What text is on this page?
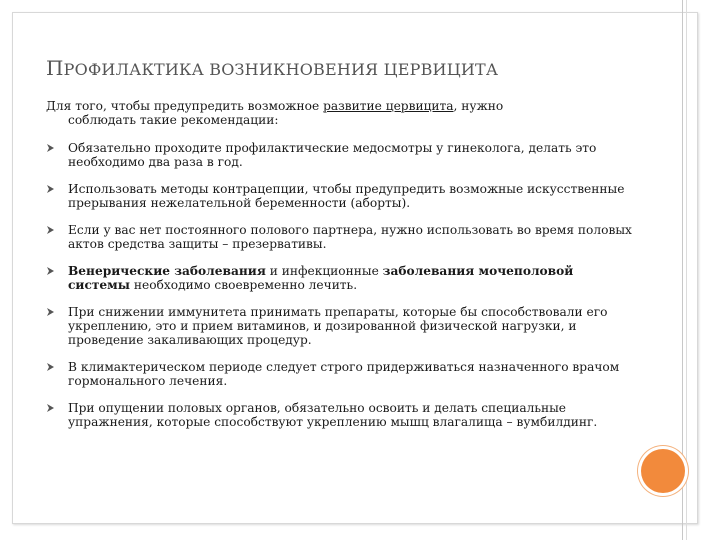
ПРОФИЛАКТИКА ВОЗНИКНОВЕНИЯ ЦЕРВИЦИТА
Для того, чтобы предупредить возможное развитие цервицита, нужно
соблюдать такие рекомендации:
Обязательно проходите профилактические медосмотры у гинеколога, делать это необходимо два раза в год.
Использовать методы контрацепции, чтобы предупредить возможные искусственные прерывания нежелательной беременности (аборты).
Если у вас нет постоянного полового партнера, нужно использовать во время половых актов средства защиты – презервативы.
Венерические заболевания и инфекционные заболевания мочеполовой системы необходимо своевременно лечить.
При снижении иммунитета принимать препараты, которые бы способствовали его укреплению, это и прием витаминов, и дозированной физической нагрузки, и проведение закаливающих процедур.
В климактерическом периоде следует строго придерживаться назначенного врачом гормонального лечения.
При опущении половых органов, обязательно освоить и делать специальные упражнения, которые способствуют укреплению мышц влагалища – вумбилдинг.
